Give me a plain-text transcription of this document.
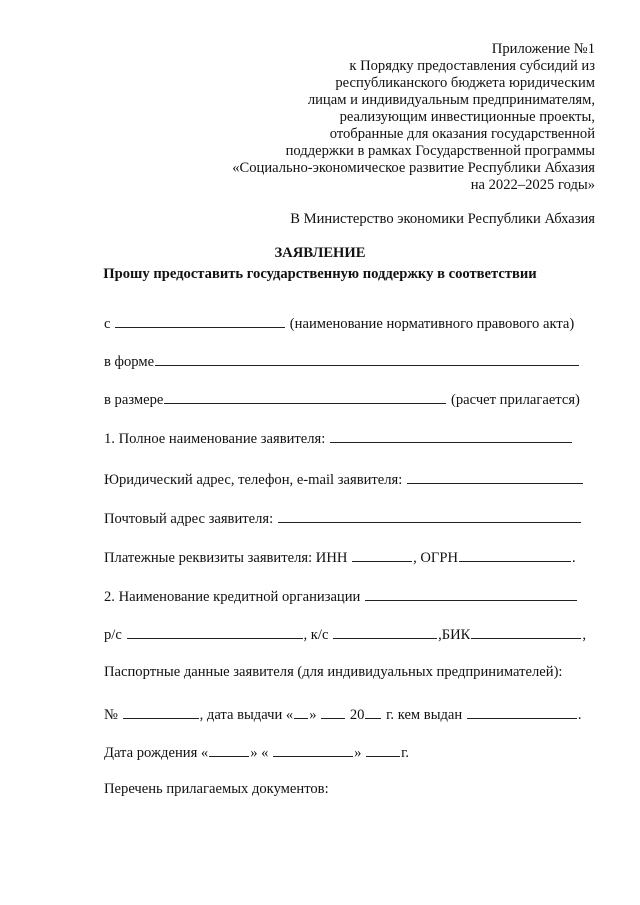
Приложение №1
к Порядку предоставления субсидий из
республиканского бюджета юридическим
лицам и индивидуальным предпринимателям,
реализующим инвестиционные проекты,
отобранные для оказания государственной
поддержки в рамках Государственной программы
«Социально-экономическое развитие Республики Абхазия
на 2022–2025 годы»
В Министерство экономики Республики Абхазия
ЗАЯВЛЕНИЕ
Прошу предоставить государственную поддержку в соответствии
с	(наименование нормативного правового акта)
в форме
в размере	(расчет прилагается)
1. Полное наименование заявителя:
Юридический адрес, телефон, e-mail заявителя:
Почтовый адрес заявителя:
Платежные реквизиты заявителя: ИНН	, ОГРН	.
2. Наименование кредитной организации
р/с	, к/с	,БИК	,
Паспортные данные заявителя (для индивидуальных предпринимателей):
№	, дата выдачи « » 20 г. кем выдан	.
Дата рождения «	» «	»	г.
Перечень прилагаемых документов:
